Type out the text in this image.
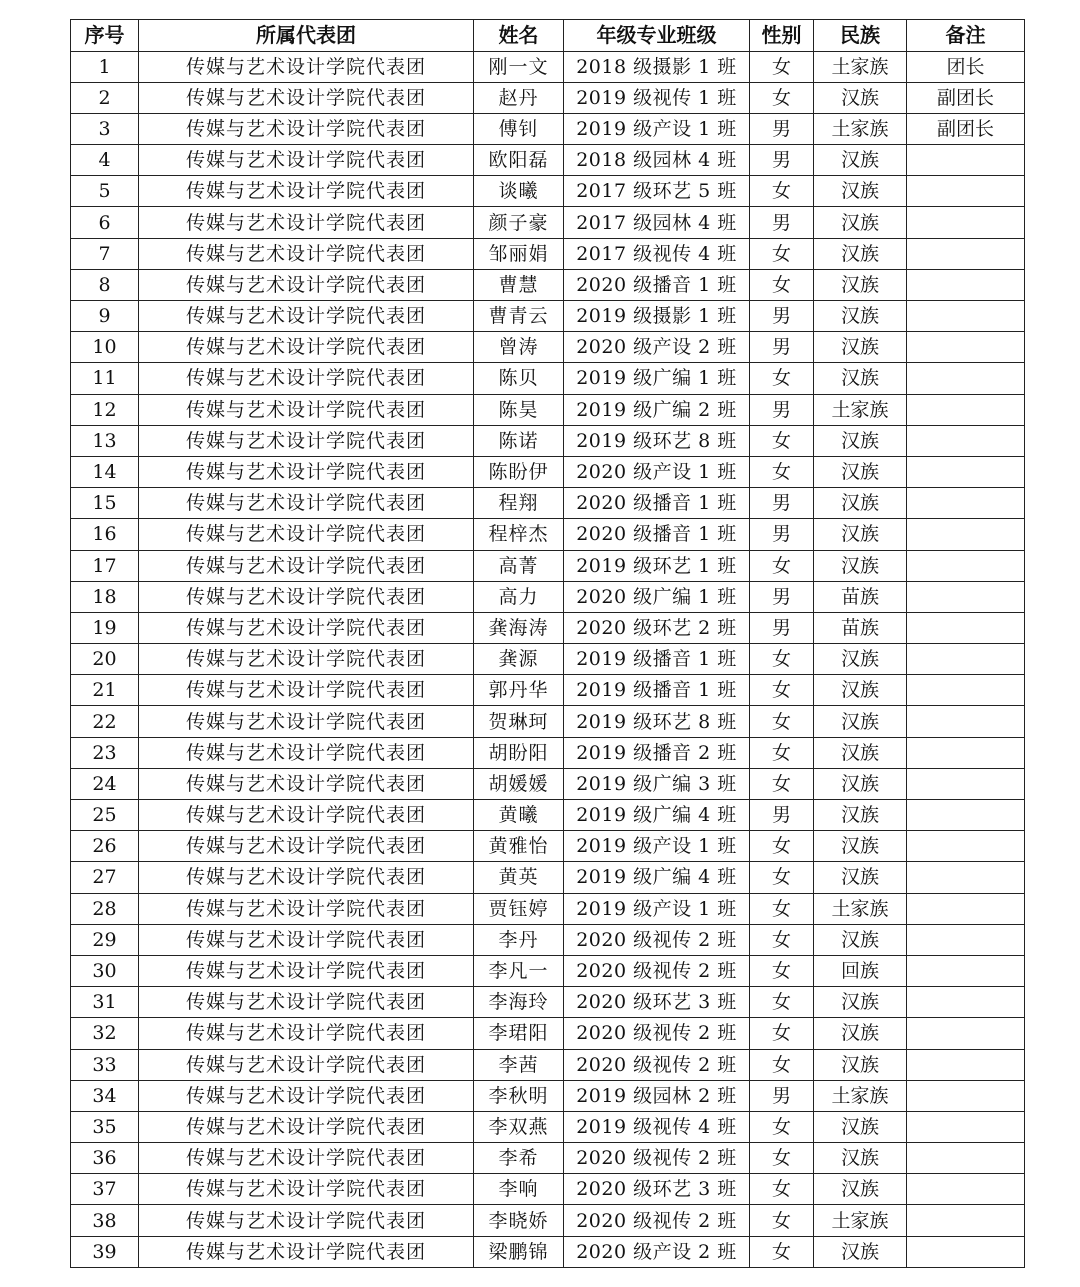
序号	所属代表团	姓名	年级专业班级	性别	民族	备注
1	传媒与艺术设计学院代表团	刚一文	2018 级摄影 1 班	女	土家族	团长
2	传媒与艺术设计学院代表团	赵丹	2019 级视传 1 班	女	汉族	副团长
3	传媒与艺术设计学院代表团	傅钊	2019 级产设 1 班	男	土家族	副团长
4	传媒与艺术设计学院代表团	欧阳磊	2018 级园林 4 班	男	汉族	
5	传媒与艺术设计学院代表团	谈曦	2017 级环艺 5 班	女	汉族	
6	传媒与艺术设计学院代表团	颜子豪	2017 级园林 4 班	男	汉族	
7	传媒与艺术设计学院代表团	邹丽娟	2017 级视传 4 班	女	汉族	
8	传媒与艺术设计学院代表团	曹慧	2020 级播音 1 班	女	汉族	
9	传媒与艺术设计学院代表团	曹青云	2019 级摄影 1 班	男	汉族	
10	传媒与艺术设计学院代表团	曾涛	2020 级产设 2 班	男	汉族	
11	传媒与艺术设计学院代表团	陈贝	2019 级广编 1 班	女	汉族	
12	传媒与艺术设计学院代表团	陈昊	2019 级广编 2 班	男	土家族	
13	传媒与艺术设计学院代表团	陈诺	2019 级环艺 8 班	女	汉族	
14	传媒与艺术设计学院代表团	陈盼伊	2020 级产设 1 班	女	汉族	
15	传媒与艺术设计学院代表团	程翔	2020 级播音 1 班	男	汉族	
16	传媒与艺术设计学院代表团	程梓杰	2020 级播音 1 班	男	汉族	
17	传媒与艺术设计学院代表团	高菁	2019 级环艺 1 班	女	汉族	
18	传媒与艺术设计学院代表团	高力	2020 级广编 1 班	男	苗族	
19	传媒与艺术设计学院代表团	龚海涛	2020 级环艺 2 班	男	苗族	
20	传媒与艺术设计学院代表团	龚源	2019 级播音 1 班	女	汉族	
21	传媒与艺术设计学院代表团	郭丹华	2019 级播音 1 班	女	汉族	
22	传媒与艺术设计学院代表团	贺琳珂	2019 级环艺 8 班	女	汉族	
23	传媒与艺术设计学院代表团	胡盼阳	2019 级播音 2 班	女	汉族	
24	传媒与艺术设计学院代表团	胡媛媛	2019 级广编 3 班	女	汉族	
25	传媒与艺术设计学院代表团	黄曦	2019 级广编 4 班	男	汉族	
26	传媒与艺术设计学院代表团	黄雅怡	2019 级产设 1 班	女	汉族	
27	传媒与艺术设计学院代表团	黄英	2019 级广编 4 班	女	汉族	
28	传媒与艺术设计学院代表团	贾钰婷	2019 级产设 1 班	女	土家族	
29	传媒与艺术设计学院代表团	李丹	2020 级视传 2 班	女	汉族	
30	传媒与艺术设计学院代表团	李凡一	2020 级视传 2 班	女	回族	
31	传媒与艺术设计学院代表团	李海玲	2020 级环艺 3 班	女	汉族	
32	传媒与艺术设计学院代表团	李珺阳	2020 级视传 2 班	女	汉族	
33	传媒与艺术设计学院代表团	李茜	2020 级视传 2 班	女	汉族	
34	传媒与艺术设计学院代表团	李秋明	2019 级园林 2 班	男	土家族	
35	传媒与艺术设计学院代表团	李双燕	2019 级视传 4 班	女	汉族	
36	传媒与艺术设计学院代表团	李希	2020 级视传 2 班	女	汉族	
37	传媒与艺术设计学院代表团	李响	2020 级环艺 3 班	女	汉族	
38	传媒与艺术设计学院代表团	李晓娇	2020 级视传 2 班	女	土家族	
39	传媒与艺术设计学院代表团	梁鹏锦	2020 级产设 2 班	女	汉族	
